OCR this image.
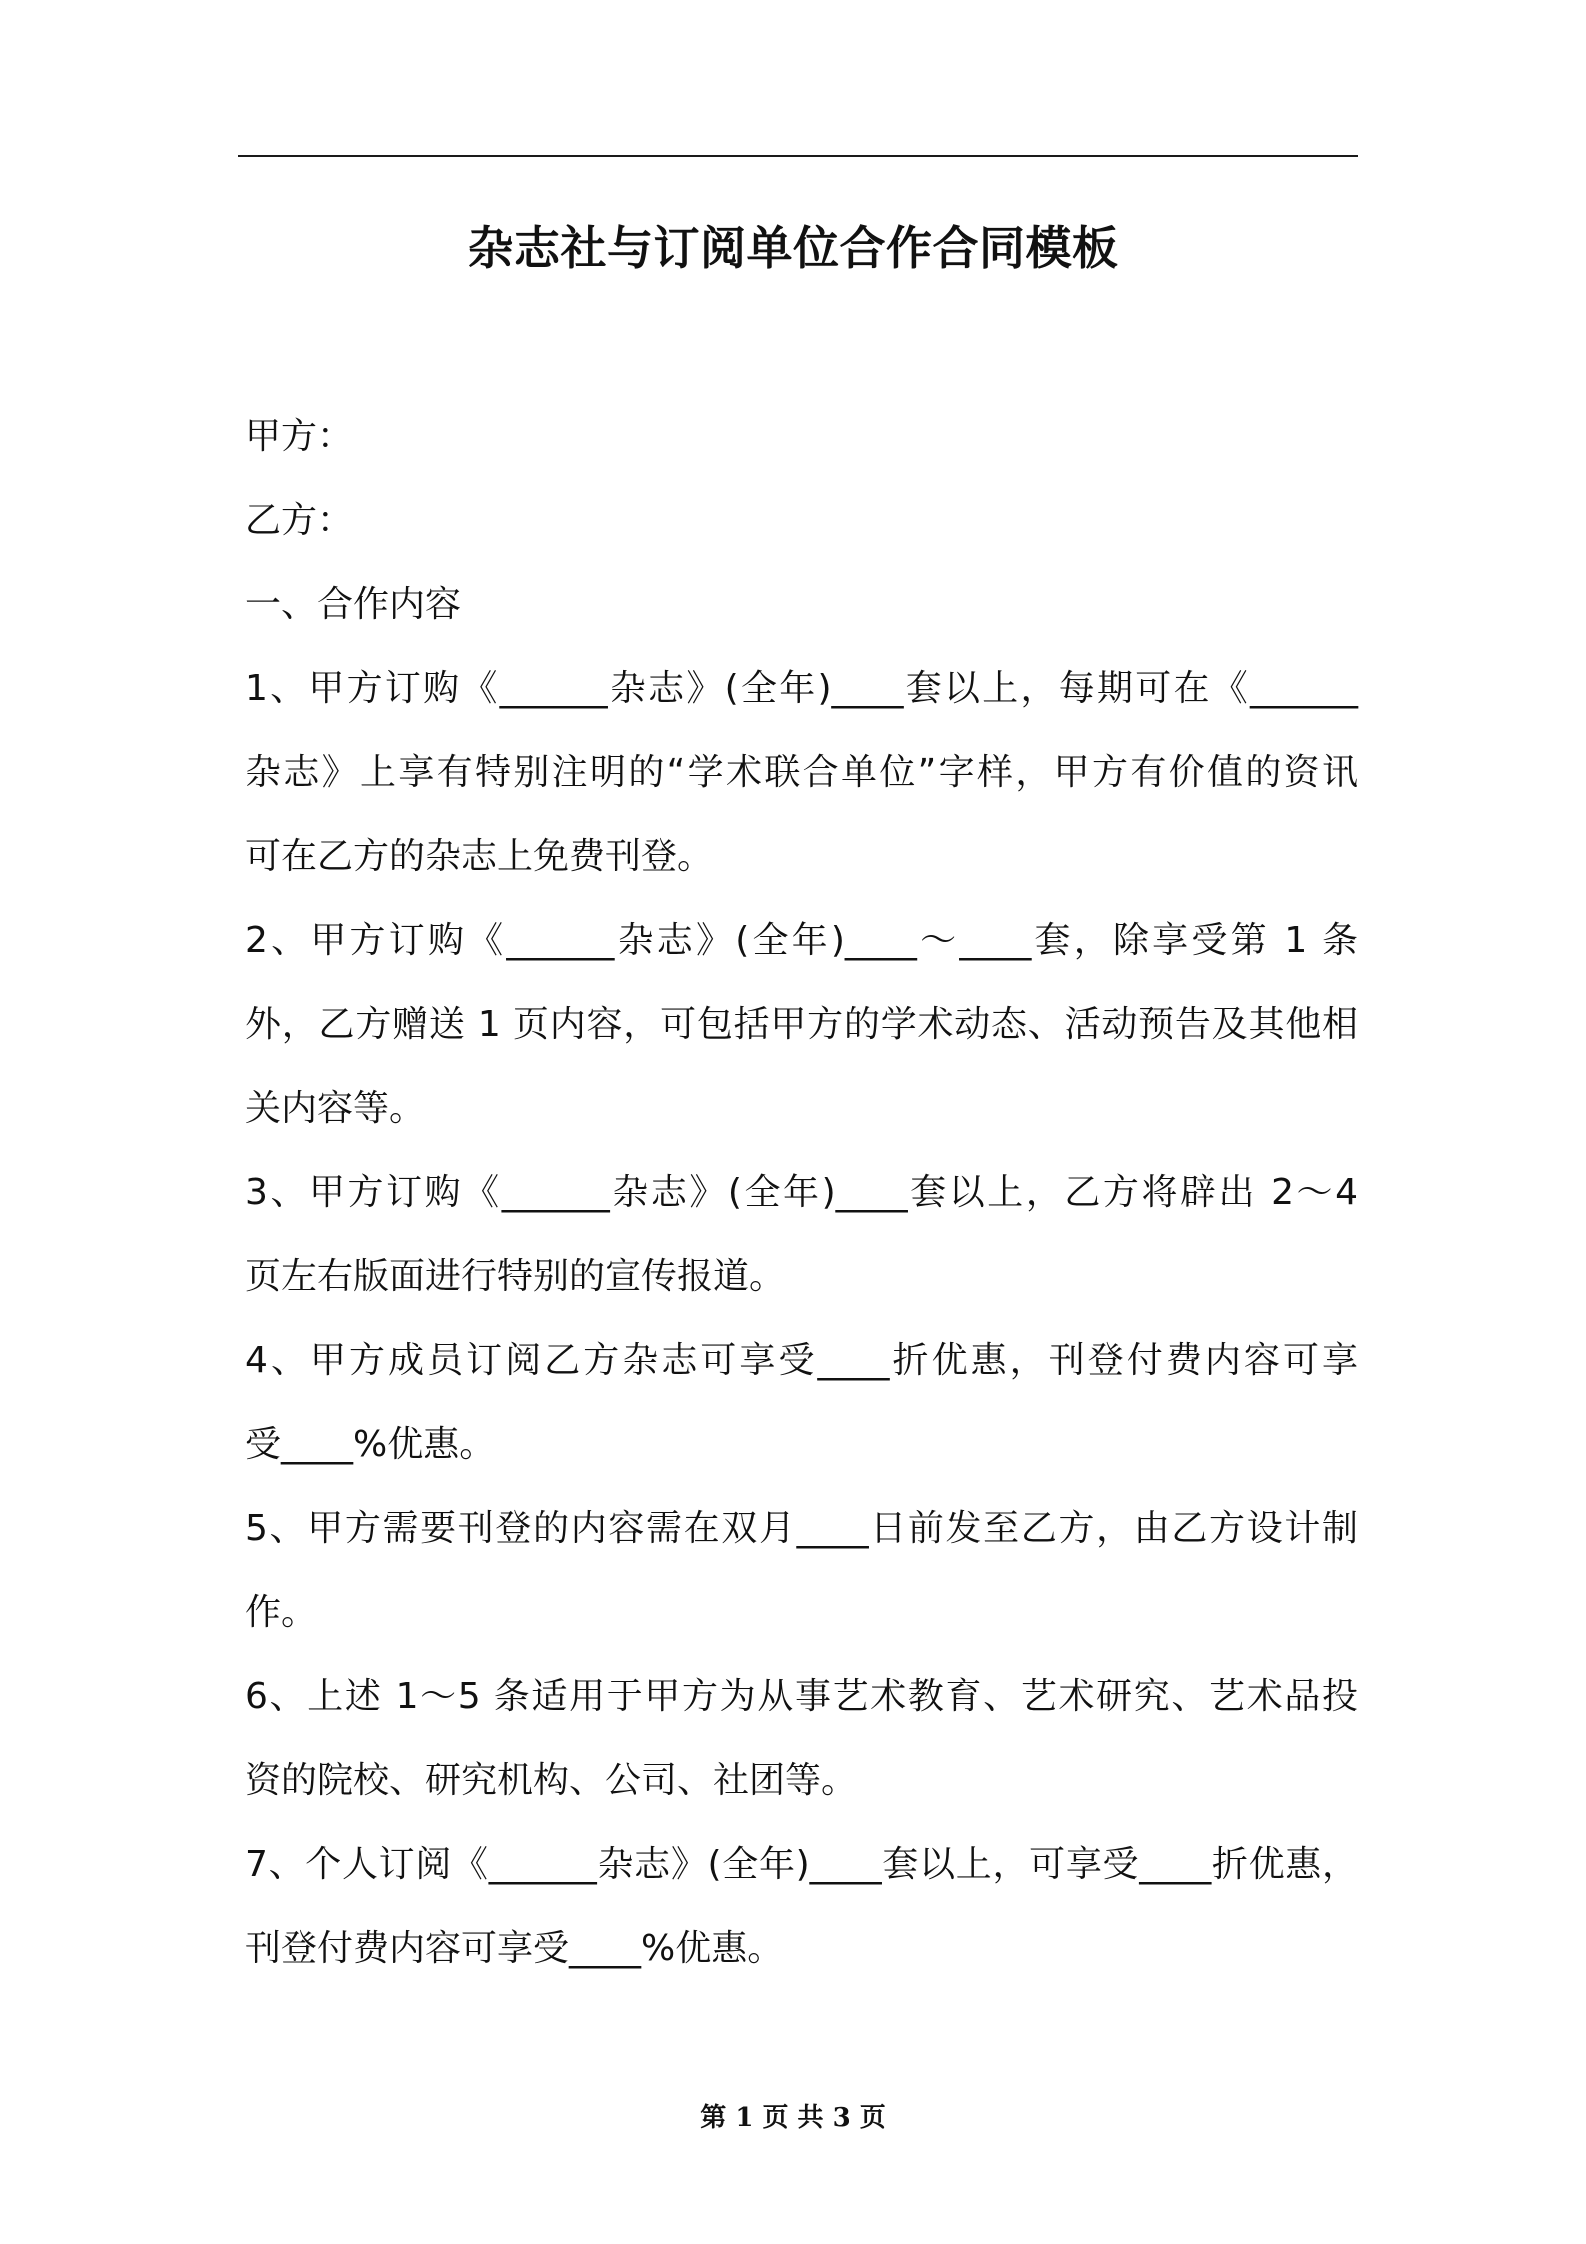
杂志社与订阅单位合作合同模板
甲方：
乙方：
一、合作内容
1、甲方订购《______杂志》(全年)____套以上，每期可在《______
杂志》上享有特别注明的“学术联合单位”字样，甲方有价值的资讯
可在乙方的杂志上免费刊登。
2、甲方订购《______杂志》(全年)____～____套，除享受第 1 条
外，乙方赠送 1 页内容，可包括甲方的学术动态、活动预告及其他相
关内容等。
3、甲方订购《______杂志》(全年)____套以上，乙方将辟出 2～4
页左右版面进行特别的宣传报道。
4、甲方成员订阅乙方杂志可享受____折优惠，刊登付费内容可享
受____%优惠。
5、甲方需要刊登的内容需在双月____日前发至乙方，由乙方设计制
作。
6、上述 1～5 条适用于甲方为从事艺术教育、艺术研究、艺术品投
资的院校、研究机构、公司、社团等。
7、个人订阅《______杂志》(全年)____套以上，可享受____折优惠，
刊登付费内容可享受____%优惠。
第 1 页 共 3 页
